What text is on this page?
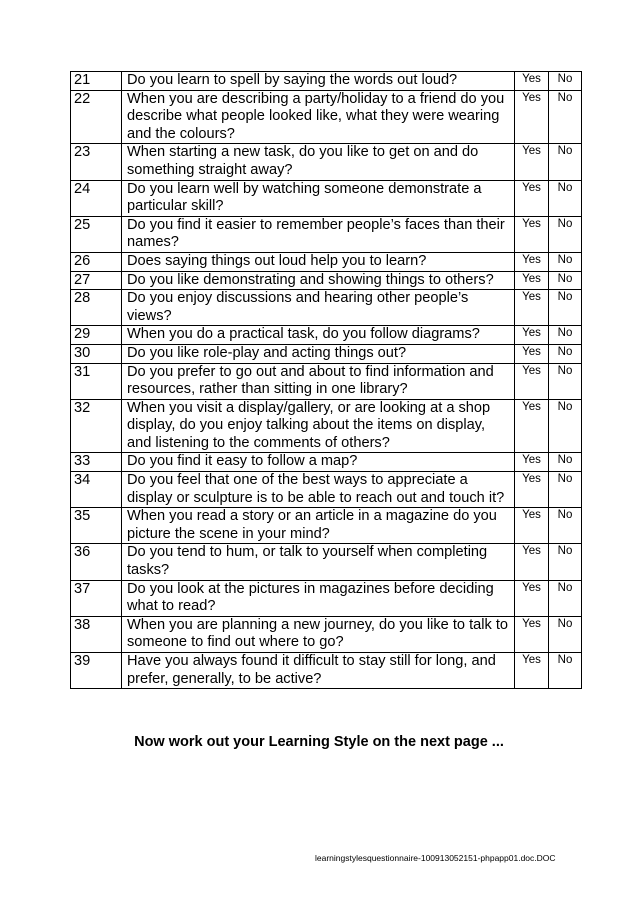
21	Do you learn to spell by saying the words out loud?	Yes	No
22	When you are describing a party/holiday to a friend do you describe what people looked like, what they were wearing and the colours?	Yes	No
23	When starting a new task, do you like to get on and do something straight away?	Yes	No
24	Do you learn well by watching someone demonstrate a particular skill?	Yes	No
25	Do you find it easier to remember people’s faces than their names?	Yes	No
26	Does saying things out loud help you to learn?	Yes	No
27	Do you like demonstrating and showing things to others?	Yes	No
28	Do you enjoy discussions and hearing other people’s views?	Yes	No
29	When you do a practical task, do you follow diagrams?	Yes	No
30	Do you like role-play and acting things out?	Yes	No
31	Do you prefer to go out and about to find information and resources, rather than sitting in one library?	Yes	No
32	When you visit a display/gallery, or are looking at a shop display, do you enjoy talking about the items on display, and listening to the comments of others?	Yes	No
33	Do you find it easy to follow a map?	Yes	No
34	Do you feel that one of the best ways to appreciate a display or sculpture is to be able to reach out and touch it?	Yes	No
35	When you read a story or an article in a magazine do you picture the scene in your mind?	Yes	No
36	Do you tend to hum, or talk to yourself when completing tasks?	Yes	No
37	Do you look at the pictures in magazines before deciding what to read?	Yes	No
38	When you are planning a new journey, do you like to talk to someone to find out where to go?	Yes	No
39	Have you always found it difficult to stay still for long, and prefer, generally, to be active?	Yes	No
Now work out your Learning Style on the next page ...
learningstylesquestionnaire-100913052151-phpapp01.doc.DOC
